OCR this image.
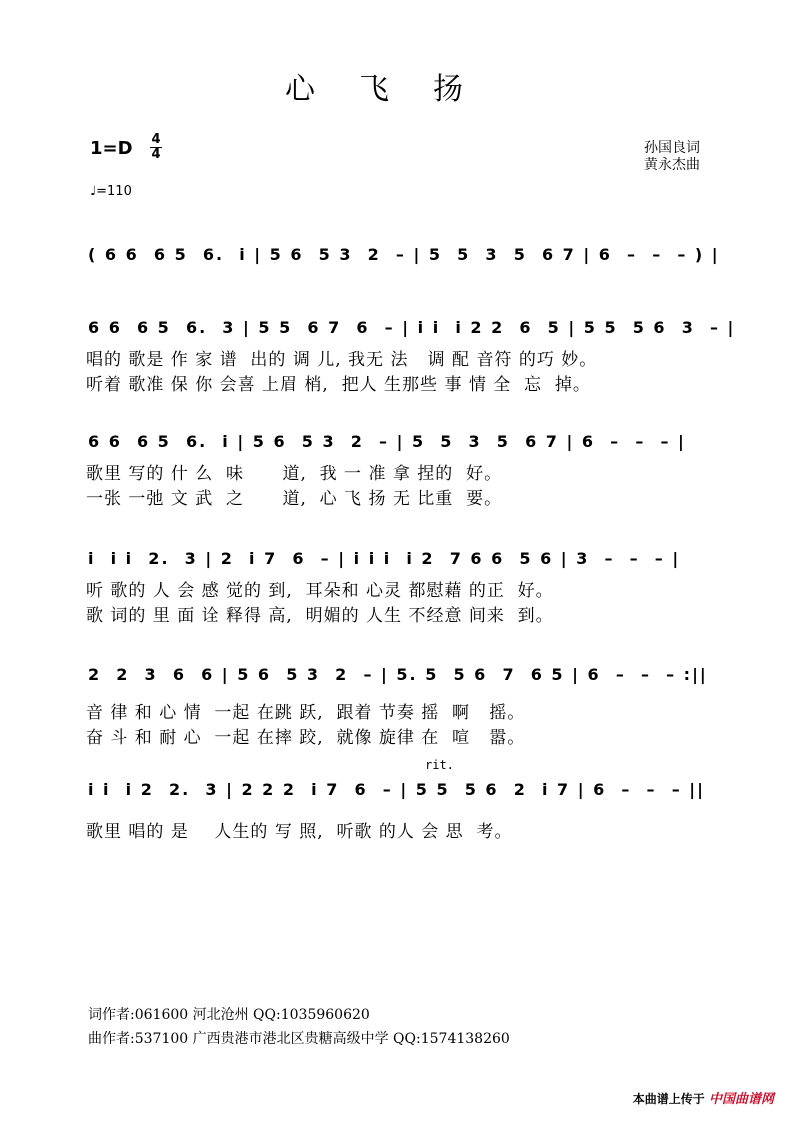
心飞扬
1=D 4
4
♩=110
孙国良词
黄永杰曲
( 6 6  6 5  6.  i | 5 6  5 3  2  – | 5  5  3  5  6 7 | 6  –  –  – ) |
6 6  6 5  6.  3 | 5 5  6 7  6  – | i i  i 2 2  6  5 | 5 5  5 6  3  – |
唱的 歌是 作 家 谱  出的 调 儿, 我无 法   调 配 音符 的巧 妙。
听着 歌准 保 你 会喜 上眉 梢,  把人 生那些 事 情 全  忘  掉。
6 6  6 5  6.  i | 5 6  5 3  2  – | 5  5  3  5  6 7 | 6  –  –  – |
歌里 写的 什 么  味      道,  我 一 准 拿 捏的  好。
一张 一弛 文 武  之      道,  心 飞 扬 无 比重  要。
i  i i  2.  3 | 2  i 7  6  – | i i i  i 2  7 6 6  5 6 | 3  –  –  – |
听 歌的 人 会 感 觉的 到,  耳朵和 心灵 都慰藉 的正  好。
歌 词的 里 面 诠 释得 高,  明媚的 人生 不经意 间来  到。
2  2  3  6  6 | 5 6  5 3  2  – | 5. 5  5 6  7  6 5 | 6  –  –  – :||
音 律 和 心 情  一起 在跳 跃,  跟着 节奏 摇  啊   摇。
奋 斗 和 耐 心  一起 在摔 跤,  就像 旋律 在  喧   嚣。
rit.
i i  i 2  2.  3 | 2 2 2  i 7  6  – | 5 5  5 6  2  i 7 | 6  –  –  – ||
歌里 唱的 是    人生的 写 照,  听歌 的人 会 思  考。
词作者:061600 河北沧州 QQ:1035960620
曲作者:537100 广西贵港市港北区贵糖高级中学 QQ:1574138260
本曲谱上传于 中国曲谱网
